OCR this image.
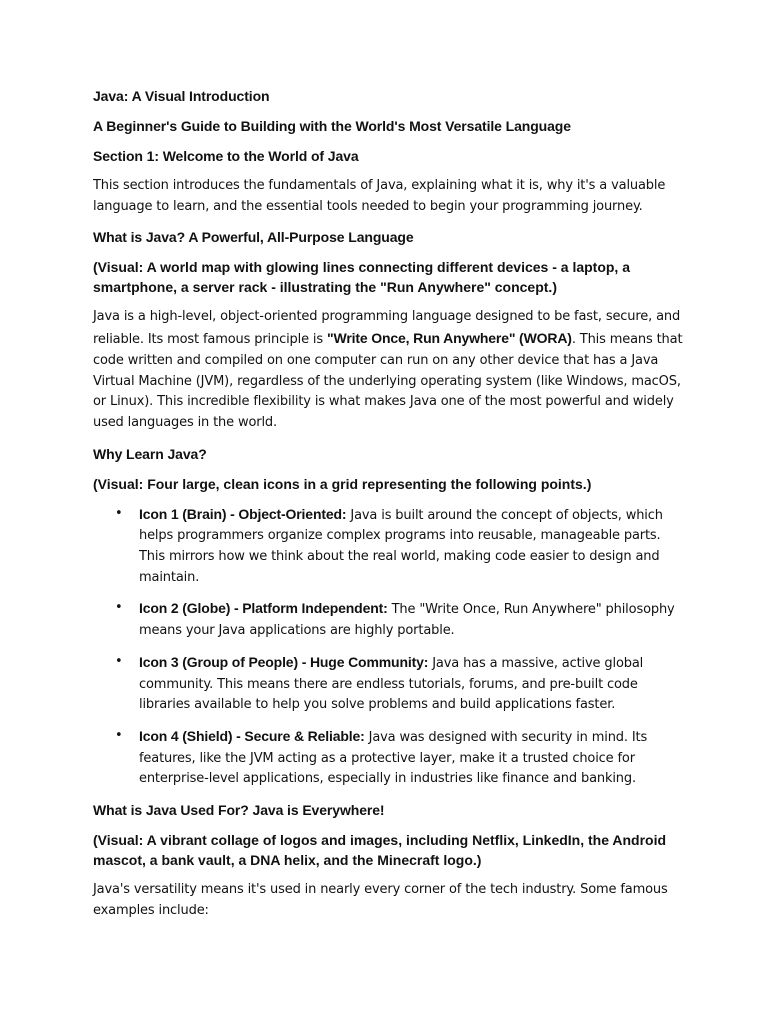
Java: A Visual Introduction
A Beginner's Guide to Building with the World's Most Versatile Language
Section 1: Welcome to the World of Java
This section introduces the fundamentals of Java, explaining what it is, why it's a valuable language to learn, and the essential tools needed to begin your programming journey.
What is Java? A Powerful, All-Purpose Language
(Visual: A world map with glowing lines connecting different devices - a laptop, a smartphone, a server rack - illustrating the "Run Anywhere" concept.)
Java is a high-level, object-oriented programming language designed to be fast, secure, and reliable. Its most famous principle is "Write Once, Run Anywhere" (WORA). This means that code written and compiled on one computer can run on any other device that has a Java Virtual Machine (JVM), regardless of the underlying operating system (like Windows, macOS, or Linux). This incredible flexibility is what makes Java one of the most powerful and widely used languages in the world.
Why Learn Java?
(Visual: Four large, clean icons in a grid representing the following points.)
• Icon 1 (Brain) - Object-Oriented: Java is built around the concept of objects, which helps programmers organize complex programs into reusable, manageable parts. This mirrors how we think about the real world, making code easier to design and maintain.
• Icon 2 (Globe) - Platform Independent: The "Write Once, Run Anywhere" philosophy means your Java applications are highly portable.
• Icon 3 (Group of People) - Huge Community: Java has a massive, active global community. This means there are endless tutorials, forums, and pre-built code libraries available to help you solve problems and build applications faster.
• Icon 4 (Shield) - Secure & Reliable: Java was designed with security in mind. Its features, like the JVM acting as a protective layer, make it a trusted choice for enterprise-level applications, especially in industries like finance and banking.
What is Java Used For? Java is Everywhere!
(Visual: A vibrant collage of logos and images, including Netflix, LinkedIn, the Android mascot, a bank vault, a DNA helix, and the Minecraft logo.)
Java's versatility means it's used in nearly every corner of the tech industry. Some famous examples include:
